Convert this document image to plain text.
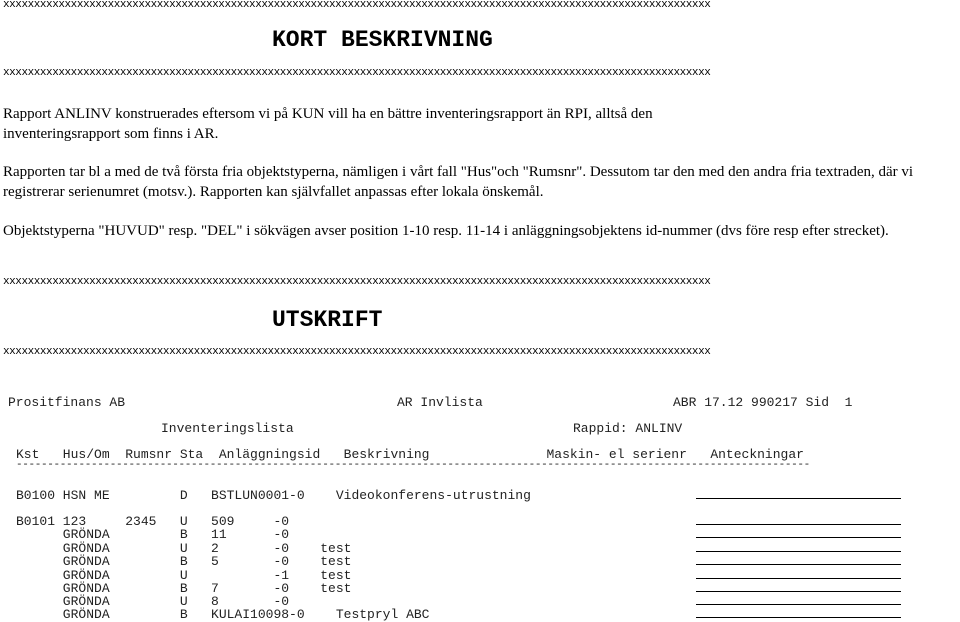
xxxxxxxxxxxxxxxxxxxxxxxxxxxxxxxxxxxxxxxxxxxxxxxxxxxxxxxxxxxxxxxxxxxxxxxxxxxxxxxxxxxxxxxxxxxxxxxxxxxxxxxxxxxxxxxxxxx
KORT BESKRIVNING
xxxxxxxxxxxxxxxxxxxxxxxxxxxxxxxxxxxxxxxxxxxxxxxxxxxxxxxxxxxxxxxxxxxxxxxxxxxxxxxxxxxxxxxxxxxxxxxxxxxxxxxxxxxxxxxxxxx
Rapport ANLINV konstruerades eftersom vi på KUN vill ha en bättre inventeringsrapport än RPI, alltså den inventeringsrapport som finns i AR.
Rapporten tar bl a med de två första fria objektstyperna, nämligen i vårt fall "Hus"och "Rumsnr". Dessutom tar den med den andra fria textraden, där vi registrerar serienumret (motsv.). Rapporten kan självfallet anpassas efter lokala önskemål.
Objektstyperna "HUVUD" resp. "DEL" i sökvägen avser position 1-10 resp. 11-14 i anläggningsobjektens id-nummer (dvs före resp efter strecket).
xxxxxxxxxxxxxxxxxxxxxxxxxxxxxxxxxxxxxxxxxxxxxxxxxxxxxxxxxxxxxxxxxxxxxxxxxxxxxxxxxxxxxxxxxxxxxxxxxxxxxxxxxxxxxxxxxxx
UTSKRIFT
xxxxxxxxxxxxxxxxxxxxxxxxxxxxxxxxxxxxxxxxxxxxxxxxxxxxxxxxxxxxxxxxxxxxxxxxxxxxxxxxxxxxxxxxxxxxxxxxxxxxxxxxxxxxxxxxxxx
Prositfinans AB	AR Invlista	ABR 17.12 990217 Sid  1
Inventeringslista	Rappid: ANLINV
Kst   Hus/Om  Rumsnr Sta  Anläggningsid   Beskrivning               Maskin- el serienr   Anteckningar
-------------------------------------------------------------------------------------------------------------------------------
B0100 HSN ME         D   BSTLUN0001-0    Videokonferens-utrustning
B0101 123     2345   U   509     -0
GRÖNDA         B   11      -0
GRÖNDA         U   2       -0    test
GRÖNDA         B   5       -0    test
GRÖNDA         U           -1    test
GRÖNDA         B   7       -0    test
GRÖNDA         U   8       -0
GRÖNDA         B   KULAI10098-0    Testpryl ABC
